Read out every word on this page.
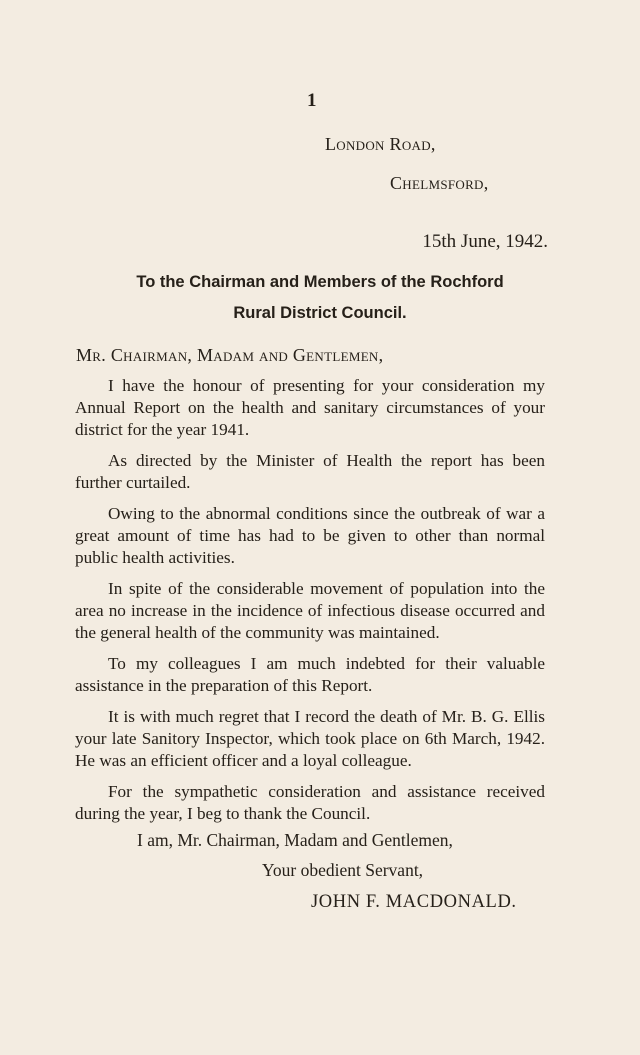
1
London Road,
Chelmsford,
15th June, 1942.
To the Chairman and Members of the Rochford
Rural District Council.
Mr. Chairman, Madam and Gentlemen,

I have the honour of presenting for your consideration my Annual Report on the health and sanitary circumstances of your district for the year 1941.

As directed by the Minister of Health the report has been further curtailed.

Owing to the abnormal conditions since the outbreak of war a great amount of time has had to be given to other than normal public health activities.

In spite of the considerable movement of population into the area no increase in the incidence of infectious disease occurred and the general health of the community was maintained.

To my colleagues I am much indebted for their valuable assistance in the preparation of this Report.

It is with much regret that I record the death of Mr. B. G. Ellis your late Sanitory Inspector, which took place on 6th March, 1942. He was an efficient officer and a loyal colleague.

For the sympathetic consideration and assistance received during the year, I beg to thank the Council.

I am, Mr. Chairman, Madam and Gentlemen,
Your obedient Servant,
JOHN F. MACDONALD.
